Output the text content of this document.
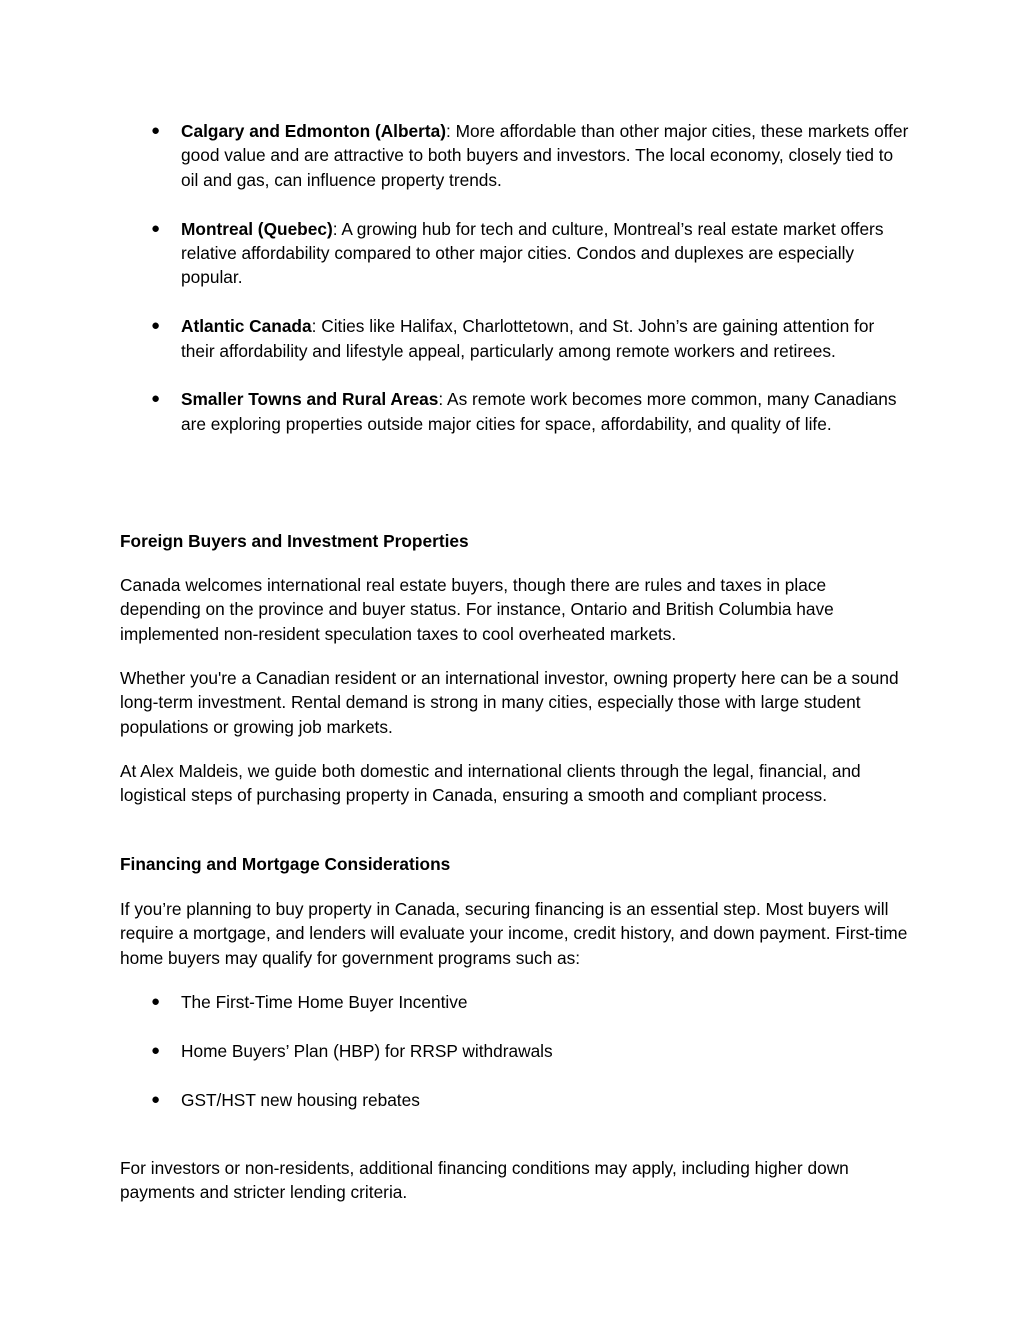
● Calgary and Edmonton (Alberta): More affordable than other major cities, these markets offer good value and are attractive to both buyers and investors. The local economy, closely tied to oil and gas, can influence property trends.
● Montreal (Quebec): A growing hub for tech and culture, Montreal’s real estate market offers relative affordability compared to other major cities. Condos and duplexes are especially popular.
● Atlantic Canada: Cities like Halifax, Charlottetown, and St. John’s are gaining attention for their affordability and lifestyle appeal, particularly among remote workers and retirees.
● Smaller Towns and Rural Areas: As remote work becomes more common, many Canadians are exploring properties outside major cities for space, affordability, and quality of life.

Foreign Buyers and Investment Properties

Canada welcomes international real estate buyers, though there are rules and taxes in place depending on the province and buyer status. For instance, Ontario and British Columbia have implemented non-resident speculation taxes to cool overheated markets.

Whether you're a Canadian resident or an international investor, owning property here can be a sound long-term investment. Rental demand is strong in many cities, especially those with large student populations or growing job markets.

At Alex Maldeis, we guide both domestic and international clients through the legal, financial, and logistical steps of purchasing property in Canada, ensuring a smooth and compliant process.

Financing and Mortgage Considerations

If you’re planning to buy property in Canada, securing financing is an essential step. Most buyers will require a mortgage, and lenders will evaluate your income, credit history, and down payment. First-time home buyers may qualify for government programs such as:

● The First-Time Home Buyer Incentive
● Home Buyers’ Plan (HBP) for RRSP withdrawals
● GST/HST new housing rebates

For investors or non-residents, additional financing conditions may apply, including higher down payments and stricter lending criteria.
